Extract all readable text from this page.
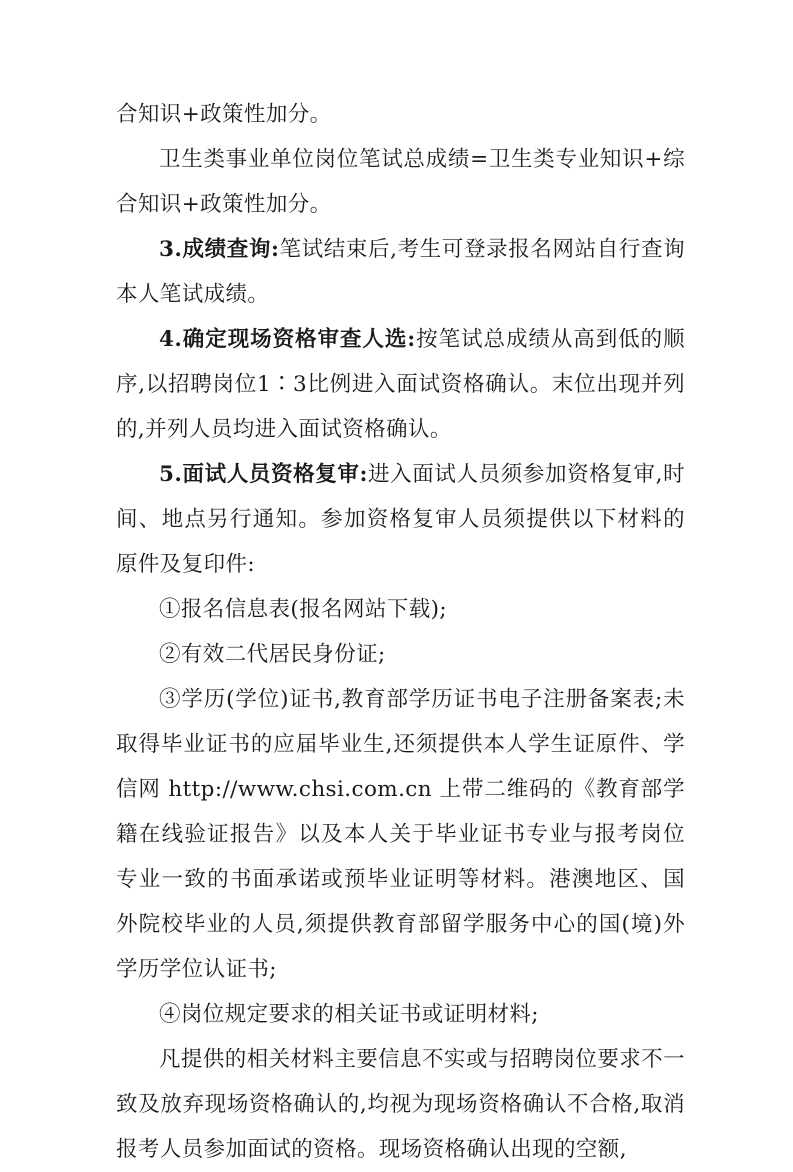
合知识+政策性加分。

卫生类事业单位岗位笔试总成绩=卫生类专业知识+综合知识+政策性加分。

3.成绩查询:笔试结束后,考生可登录报名网站自行查询本人笔试成绩。

4.确定现场资格审查人选:按笔试总成绩从高到低的顺序,以招聘岗位1∶3比例进入面试资格确认。末位出现并列的,并列人员均进入面试资格确认。

5.面试人员资格复审:进入面试人员须参加资格复审,时间、地点另行通知。参加资格复审人员须提供以下材料的原件及复印件:

①报名信息表(报名网站下载);

②有效二代居民身份证;

③学历(学位)证书,教育部学历证书电子注册备案表;未取得毕业证书的应届毕业生,还须提供本人学生证原件、学信网 http://www.chsi.com.cn 上带二维码的《教育部学籍在线验证报告》以及本人关于毕业证书专业与报考岗位专业一致的书面承诺或预毕业证明等材料。港澳地区、国外院校毕业的人员,须提供教育部留学服务中心的国(境)外学历学位认证书;

④岗位规定要求的相关证书或证明材料;

凡提供的相关材料主要信息不实或与招聘岗位要求不一致及放弃现场资格确认的,均视为现场资格确认不合格,取消报考人员参加面试的资格。现场资格确认出现的空额,
